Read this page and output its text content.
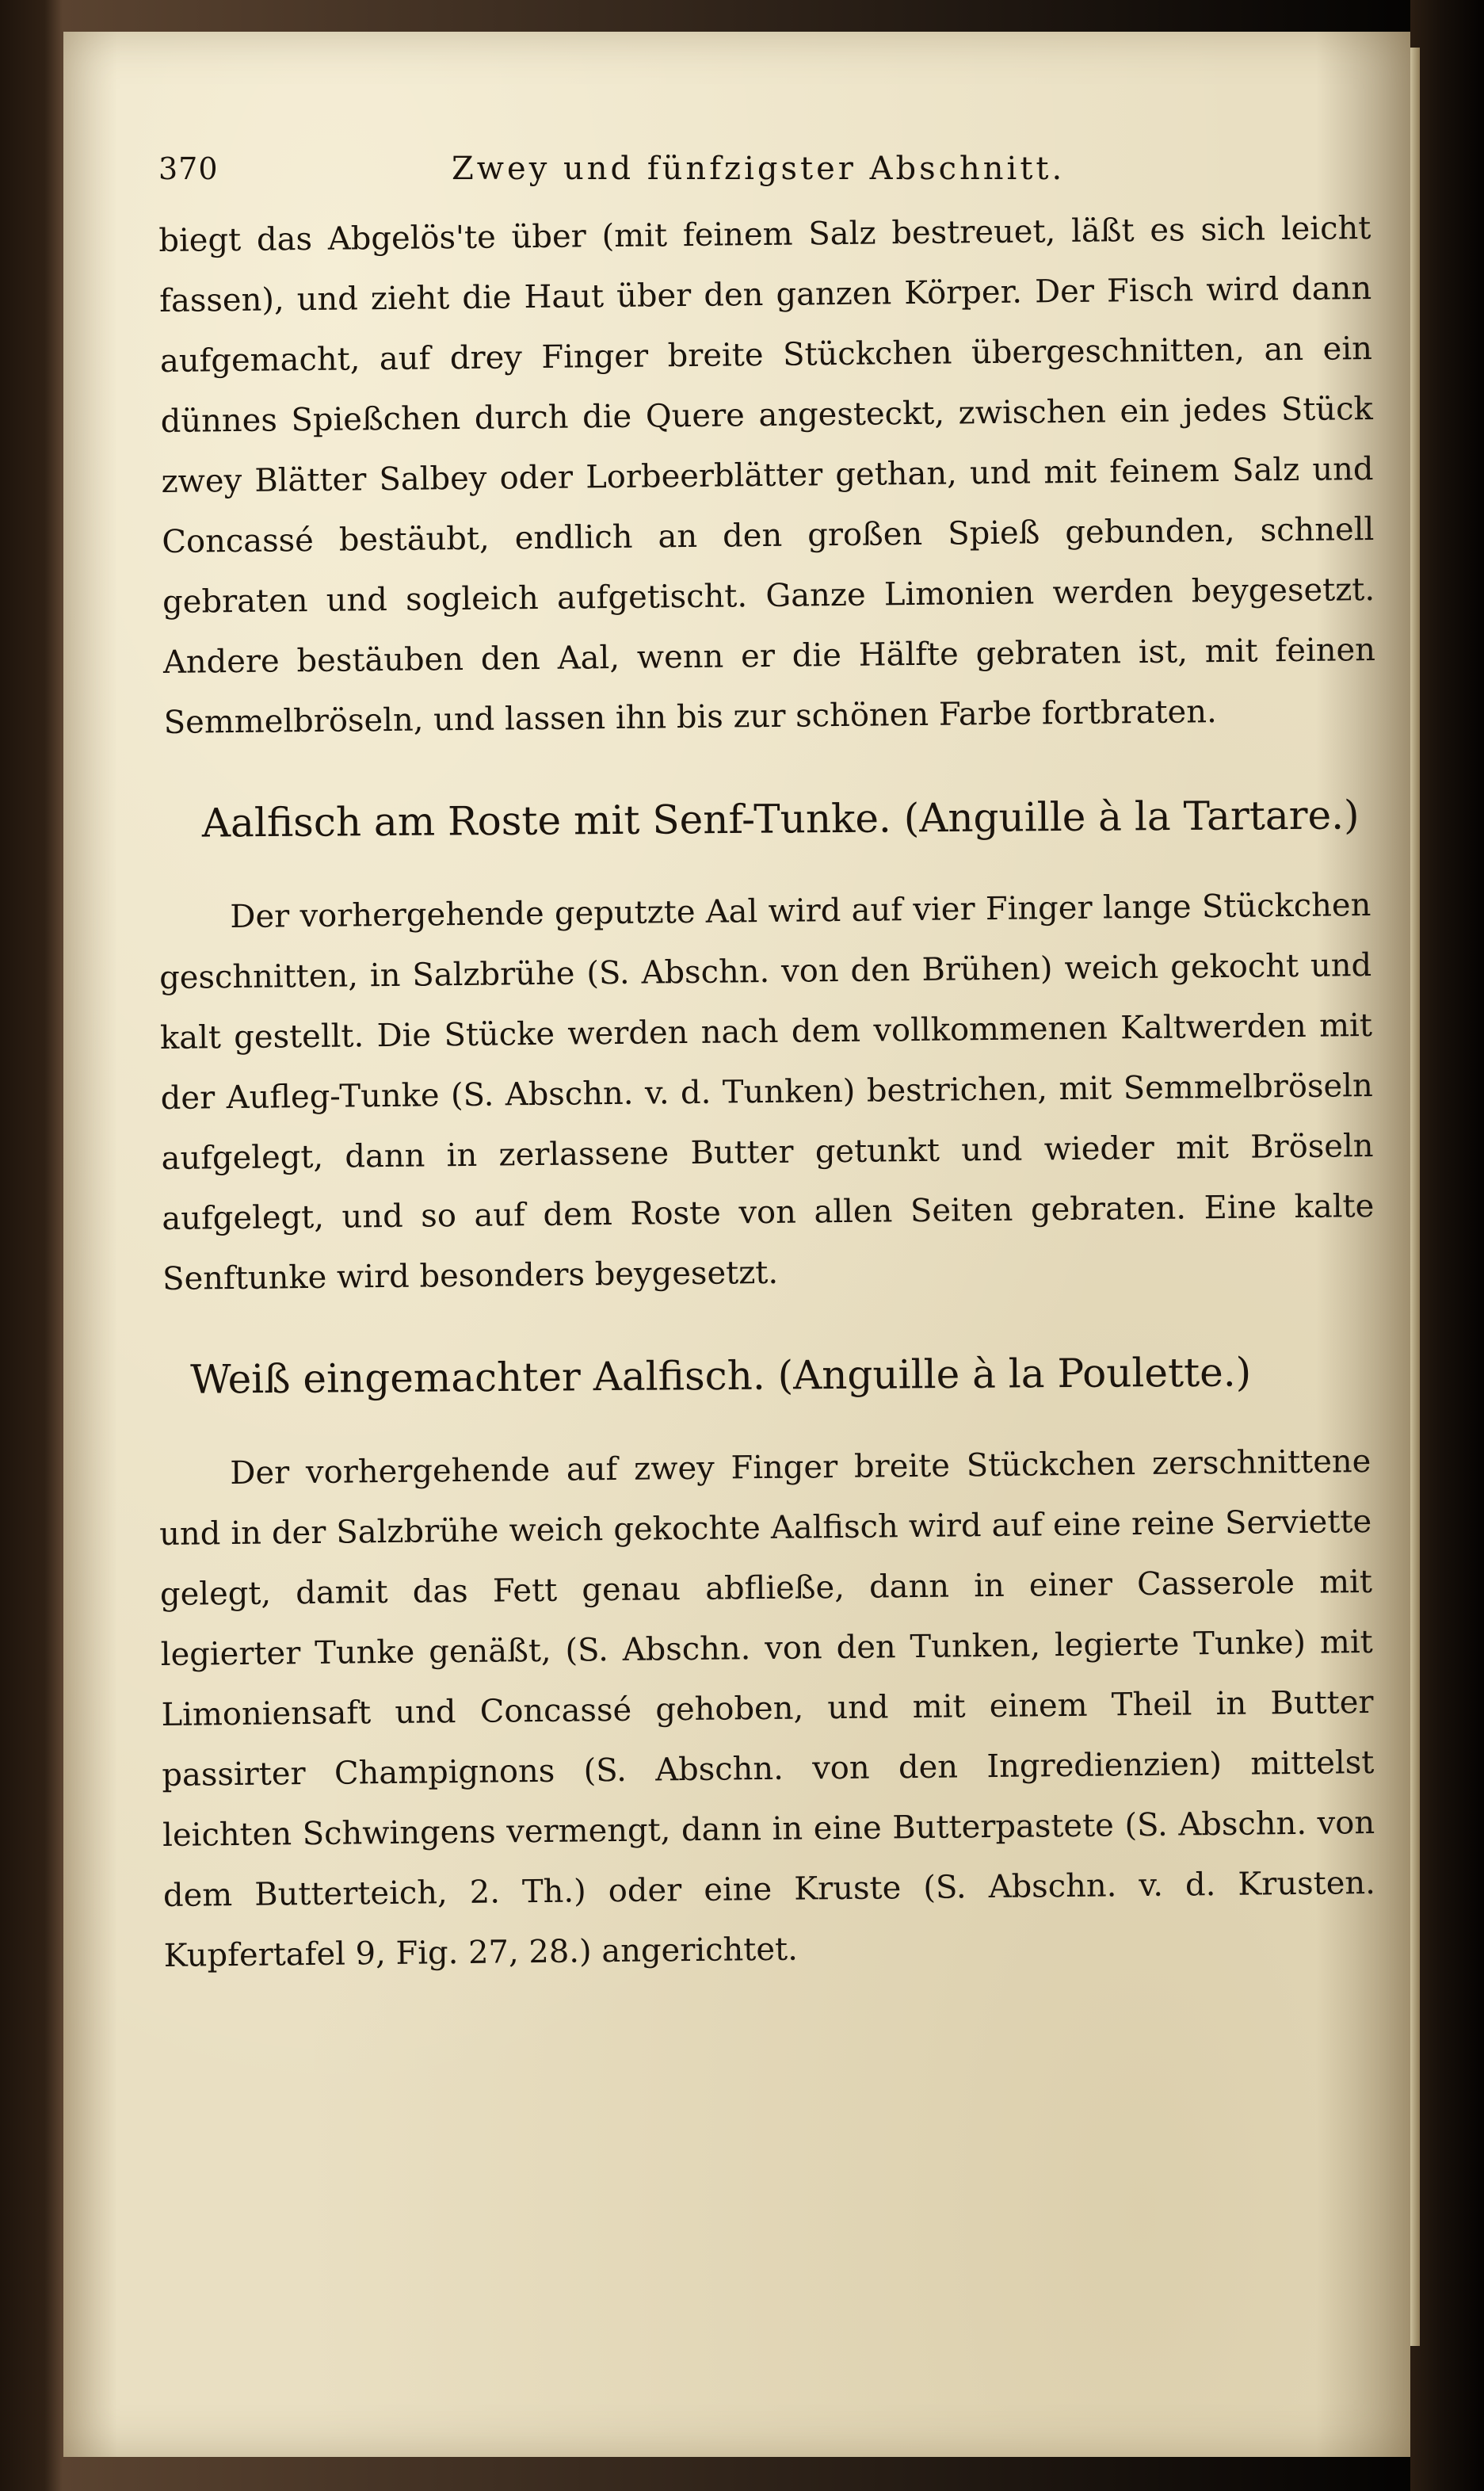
370	Zwey und fünfzigster Abschnitt.

biegt das Abgelös'te über (mit feinem Salz bestreuet, läßt es sich leicht fassen), und zieht die Haut über den ganzen Körper. Der Fisch wird dann aufgemacht, auf drey Finger breite Stückchen übergeschnitten, an ein dünnes Spießchen durch die Quere angesteckt, zwischen ein jedes Stück zwey Blätter Salbey oder Lorbeerblätter gethan, und mit feinem Salz und Concassé bestäubt, endlich an den großen Spieß gebunden, schnell gebraten und sogleich aufgetischt. Ganze Limonien werden beygesetzt. Andere bestäuben den Aal, wenn er die Hälfte gebraten ist, mit feinen Semmelbröseln, und lassen ihn bis zur schönen Farbe fortbraten.

Aalfisch am Roste mit Senf-Tunke. (Anguille à la Tartare.)

Der vorhergehende geputzte Aal wird auf vier Finger lange Stückchen geschnitten, in Salzbrühe (S. Abschn. von den Brühen) weich gekocht und kalt gestellt. Die Stücke werden nach dem vollkommenen Kaltwerden mit der Aufleg-Tunke (S. Abschn. v. d. Tunken) bestrichen, mit Semmelbröseln aufgelegt, dann in zerlassene Butter getunkt und wieder mit Bröseln aufgelegt, und so auf dem Roste von allen Seiten gebraten. Eine kalte Senftunke wird besonders beygesetzt.

Weiß eingemachter Aalfisch. (Anguille à la Poulette.)

Der vorhergehende auf zwey Finger breite Stückchen zerschnittene und in der Salzbrühe weich gekochte Aalfisch wird auf eine reine Serviette gelegt, damit das Fett genau abfließe, dann in einer Casserole mit legierter Tunke genäßt, (S. Abschn. von den Tunken, legierte Tunke) mit Limoniensaft und Concassé gehoben, und mit einem Theil in Butter passirter Champignons (S. Abschn. von den Ingredienzien) mittelst leichten Schwingens vermengt, dann in eine Butterpastete (S. Abschn. von dem Butterteich, 2. Th.) oder eine Kruste (S. Abschn. v. d. Krusten. Kupfertafel 9, Fig. 27, 28.) angerichtet.
